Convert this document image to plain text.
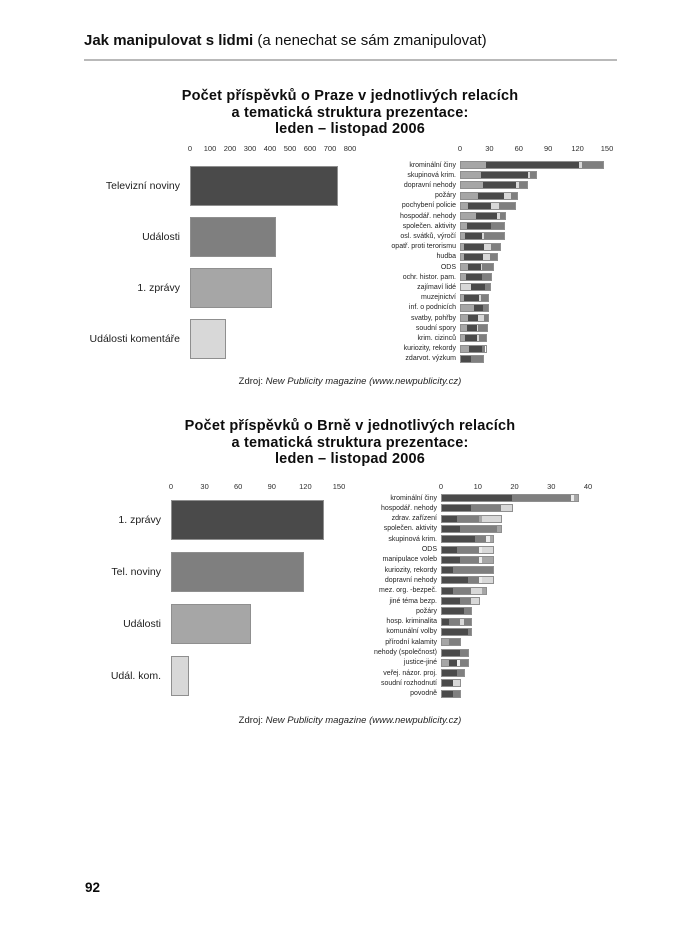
Jak manipulovat s lidmi (a nenechat se sám zmanipulovat)
Počet příspěvků o Praze v jednotlivých relacích
a tematická struktura prezentace:
leden – listopad 2006
0 100 200 300 400 500 600 700 800
Televizní noviny
Události
1. zprávy
Události komentáře
0	30	60	90	120 150
krominální činy
skupinová krim.
dopravní nehody
požáry
pochybení policie
hospodář. nehody
společen. aktivity
osl. svátků, výročí
opatř. proti terorismu
hudba
ODS
ochr. histor. pam.
zajímaví lidé
muzejnictví
inf. o podnicích
svatby, pohřby
soudní spory
krim. cizinců
kuriozity, rekordy
zdarvot. výzkum
Zdroj: New Publicity magazine (www.newpublicity.cz)
Počet příspěvků o Brně v jednotlivých relacích
a tematická struktura prezentace:
leden – listopad 2006
0	30	60	90	120	150
1. zprávy
Tel. noviny
Události
Udál. kom.
0	10	20	30	40
krominální činy
hospodář. nehody
zdrav. zařízení
společen. aktivity
skupinová krim.
ODS
manipulace voleb
kuriozity, rekordy
dopravní nehody
mez. org. -bezpeč.
jiné téma bezp.
požáry
hosp. kriminalita
komunální volby
přírodní kalamity
nehody (společnost)
justice-jiné
veřej. názor. proj.
soudní rozhodnutí
povodně
Zdroj: New Publicity magazine (www.newpublicity.cz)
92
